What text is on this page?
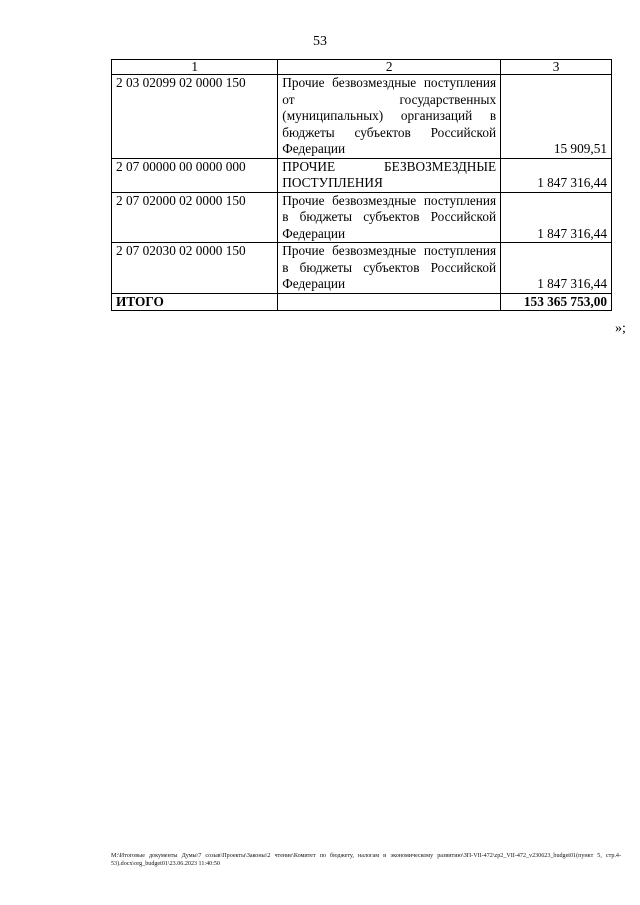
53
1	2	3
2 03 02099 02 0000 150	Прочие безвозмездные поступления от государственных (муниципальных) организаций в бюджеты субъектов Российской Федерации	15 909,51
2 07 00000 00 0000 000	ПРОЧИЕ БЕЗВОЗМЕЗДНЫЕ ПОСТУПЛЕНИЯ	1 847 316,44
2 07 02000 02 0000 150	Прочие безвозмездные поступления в бюджеты субъектов Российской Федерации	1 847 316,44
2 07 02030 02 0000 150	Прочие безвозмездные поступления в бюджеты субъектов Российской Федерации	1 847 316,44
ИТОГО		153 365 753,00
»;
М:\Итоговые документы Думы\7 созыв\Проекты\Законы\2 чтение\Комитет по бюджету, налогам и экономическому развитию\ЗП-VII-472\zp2_VII-472_v230623_budget01(пункт 5, стр.4-53).docx\org_budget01\23.06.2023 11:40:50
